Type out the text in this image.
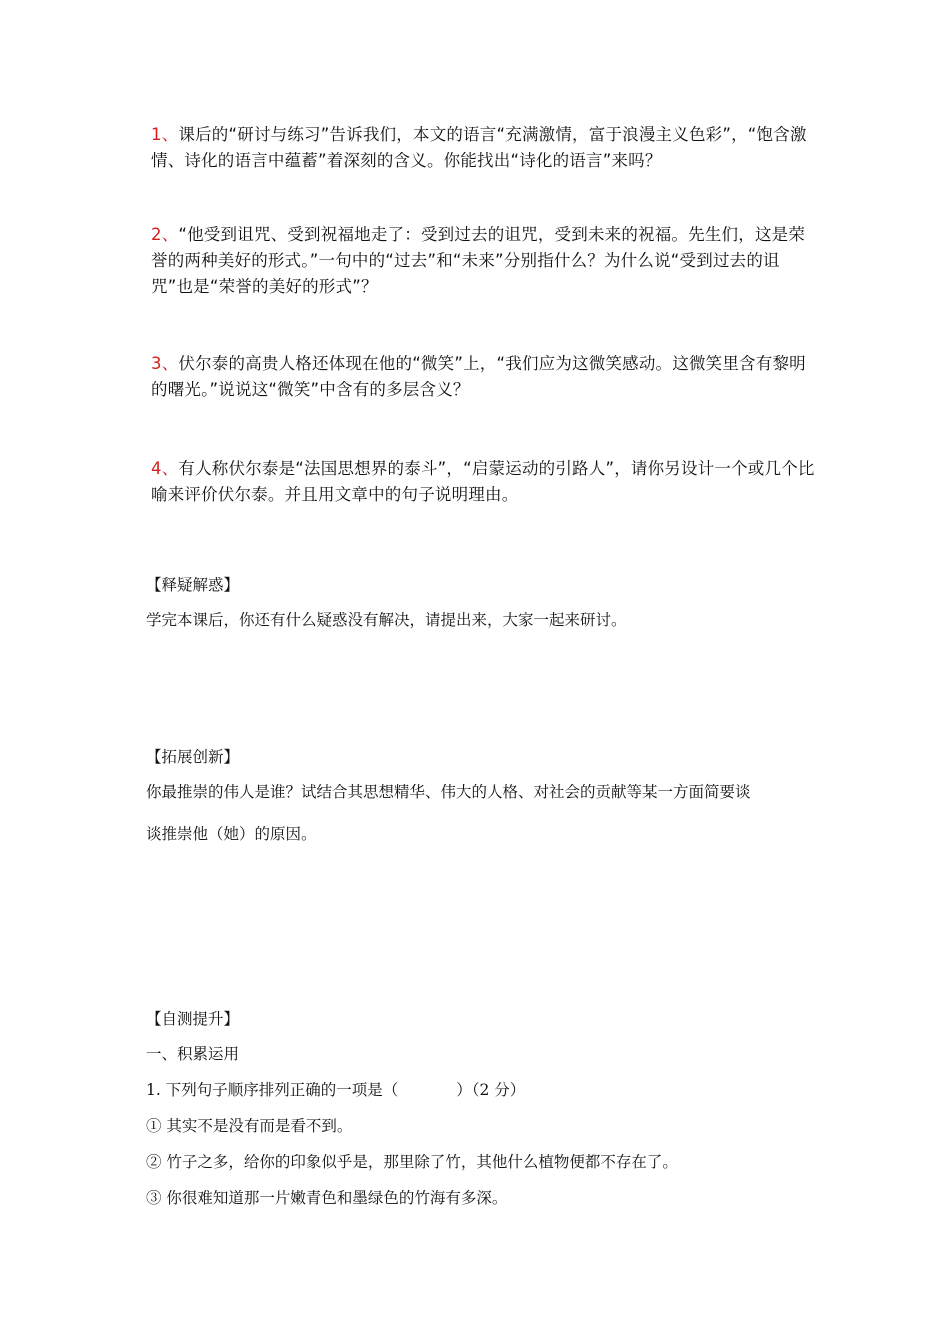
1、课后的“研讨与练习”告诉我们，本文的语言“充满激情，富于浪漫主义色彩”，“饱含激情、诗化的语言中蕴蓄”着深刻的含义。你能找出“诗化的语言”来吗？
2、“他受到诅咒、受到祝福地走了：受到过去的诅咒，受到未来的祝福。先生们，这是荣誉的两种美好的形式。”一句中的“过去”和“未来”分别指什么？为什么说“受到过去的诅咒”也是“荣誉的美好的形式”？
3、伏尔泰的高贵人格还体现在他的“微笑”上，“我们应为这微笑感动。这微笑里含有黎明的曙光。”说说这“微笑”中含有的多层含义？
4、有人称伏尔泰是“法国思想界的泰斗”，“启蒙运动的引路人”，请你另设计一个或几个比喻来评价伏尔泰。并且用文章中的句子说明理由。
【释疑解惑】
学完本课后，你还有什么疑惑没有解决，请提出来，大家一起来研讨。
【拓展创新】
你最推崇的伟人是谁？试结合其思想精华、伟大的人格、对社会的贡献等某一方面简要谈
谈推崇他（她）的原因。
【自测提升】
一、积累运用
1. 下列句子顺序排列正确的一项是（	）（2 分）
① 其实不是没有而是看不到。
② 竹子之多，给你的印象似乎是，那里除了竹，其他什么植物便都不存在了。
③ 你很难知道那一片嫩青色和墨绿色的竹海有多深。
